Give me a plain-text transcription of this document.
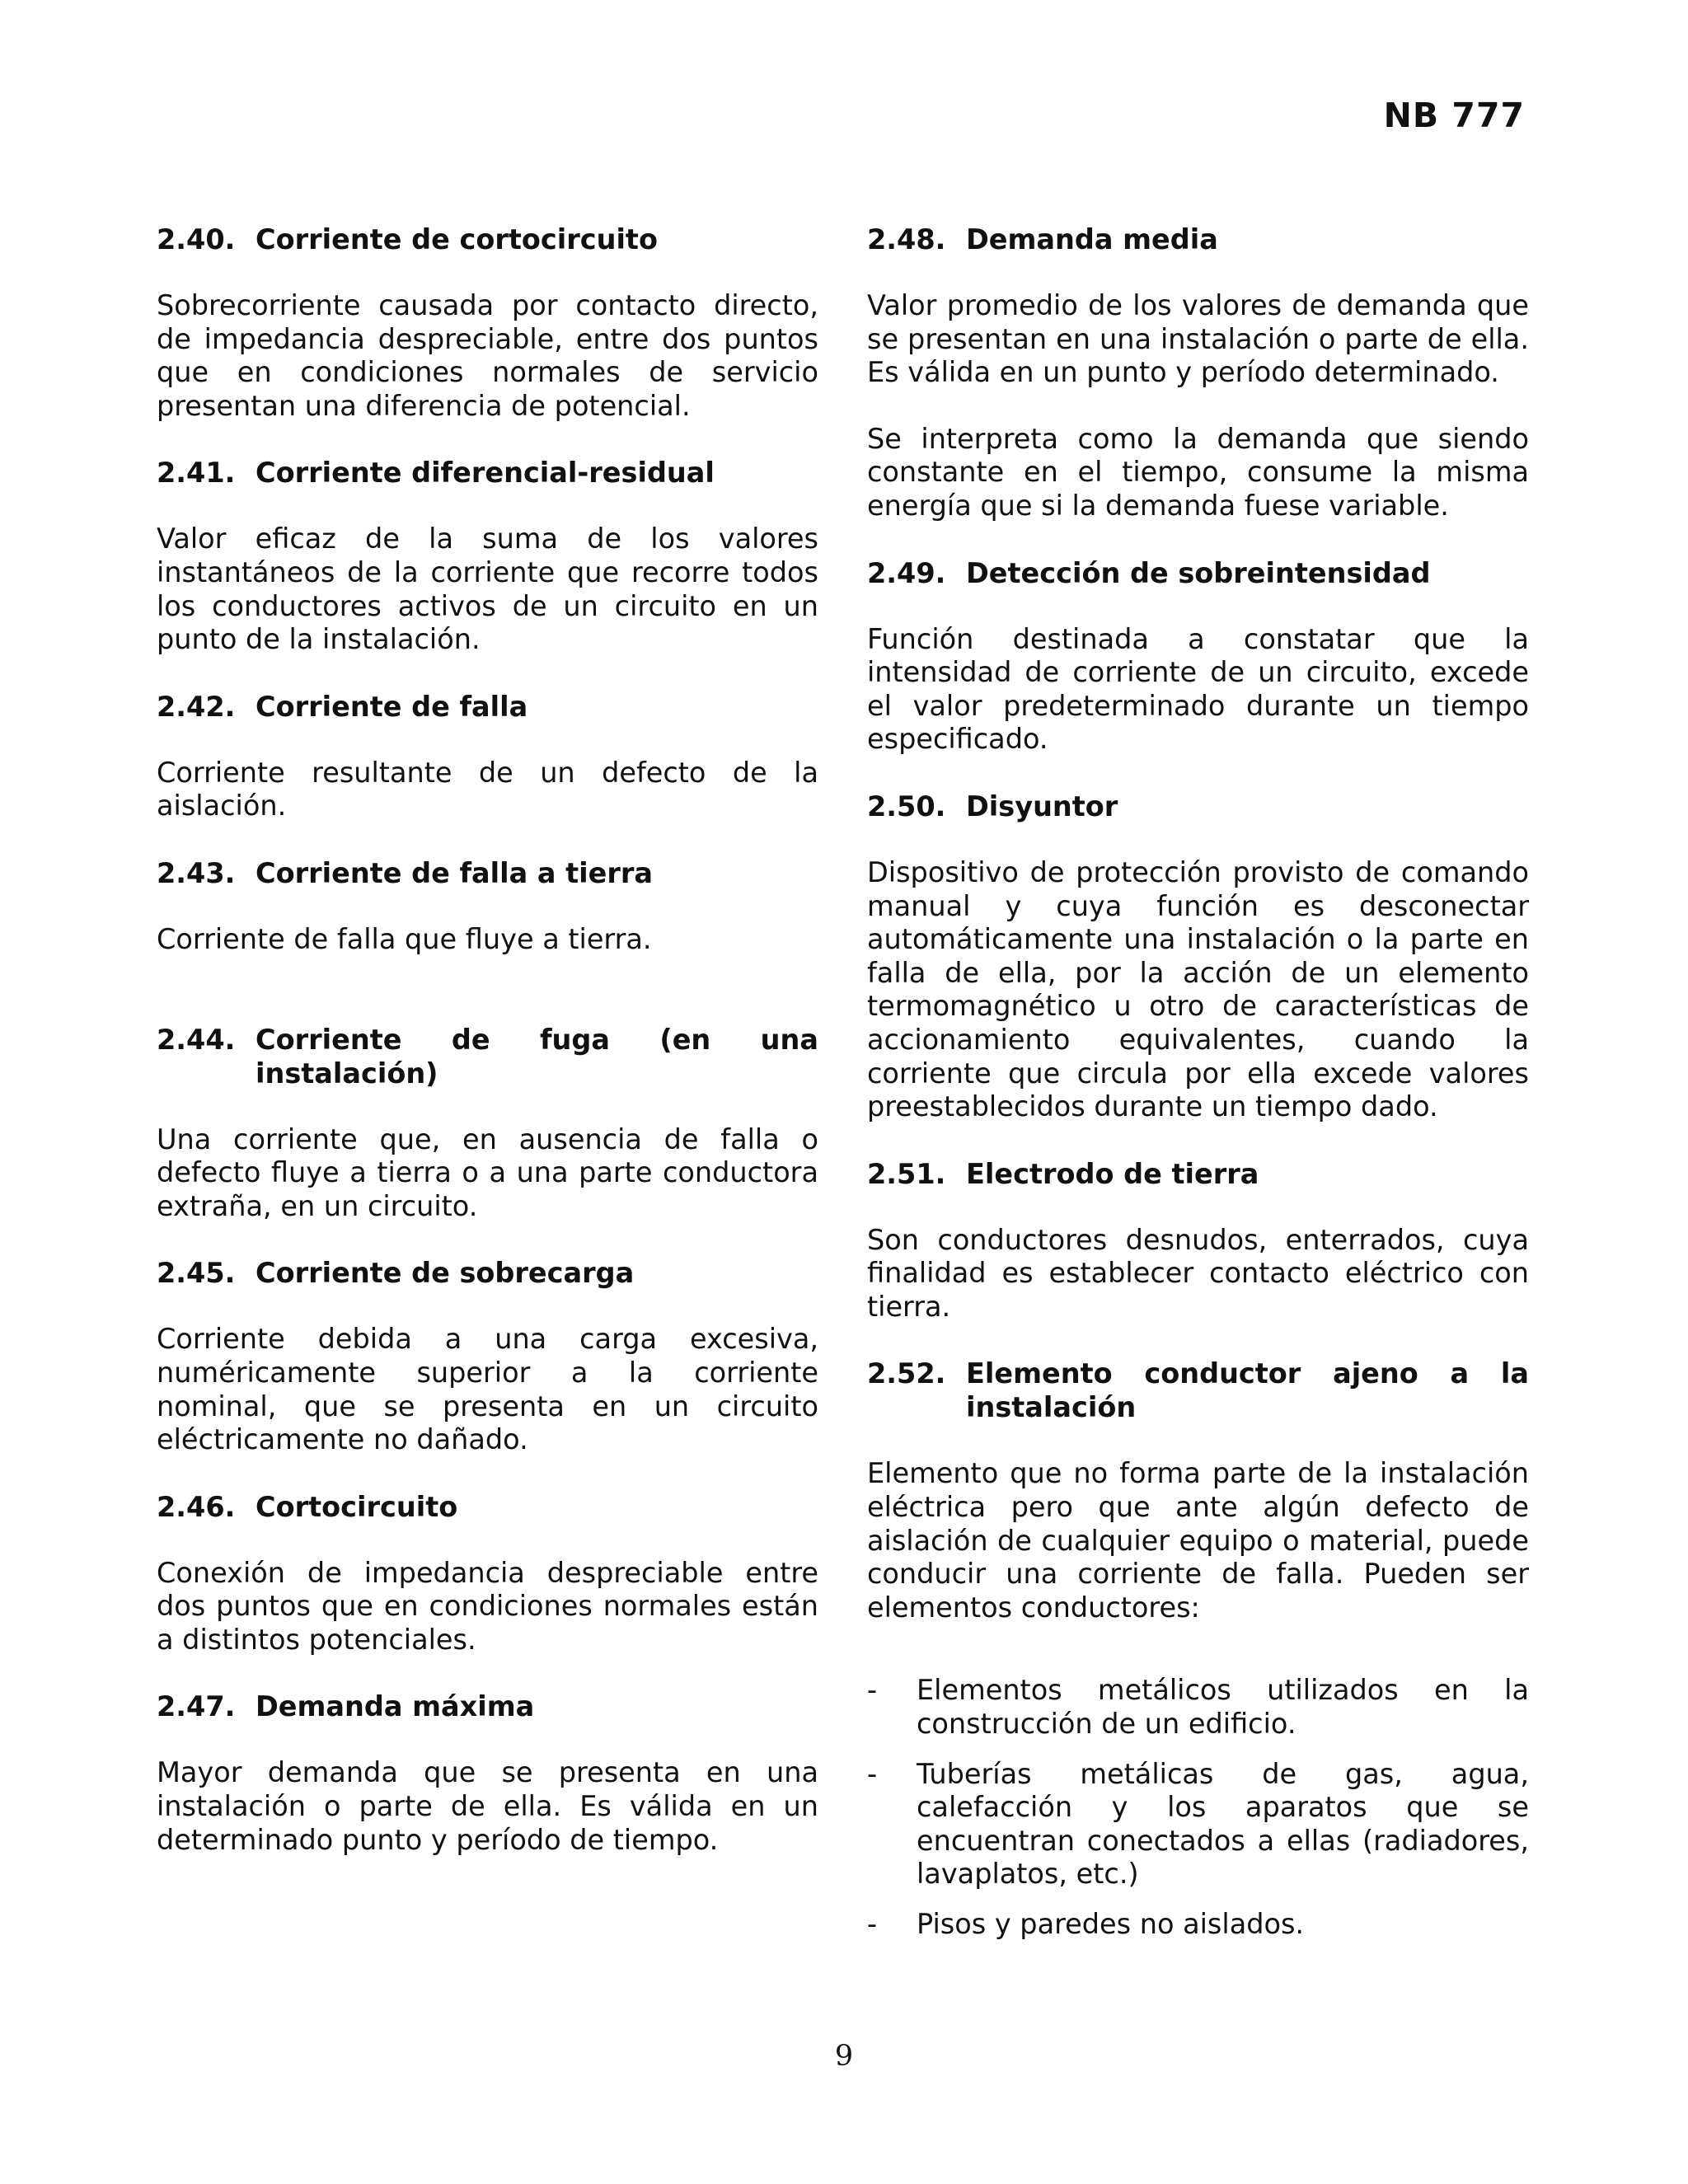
NB 777
2.40. Corriente de cortocircuito

Sobrecorriente causada por contacto directo, de impedancia despreciable, entre dos puntos que en condiciones normales de servicio presentan una diferencia de potencial.

2.41. Corriente diferencial-residual

Valor eficaz de la suma de los valores instantáneos de la corriente que recorre todos los conductores activos de un circuito en un punto de la instalación.

2.42. Corriente de falla

Corriente resultante de un defecto de la aislación.

2.43. Corriente de falla a tierra

Corriente de falla que fluye a tierra.

2.44. Corriente de fuga (en una instalación)

Una corriente que, en ausencia de falla o defecto fluye a tierra o a una parte conductora extraña, en un circuito.

2.45. Corriente de sobrecarga

Corriente debida a una carga excesiva, numéricamente superior a la corriente nominal, que se presenta en un circuito eléctricamente no dañado.

2.46. Cortocircuito

Conexión de impedancia despreciable entre dos puntos que en condiciones normales están a distintos potenciales.

2.47. Demanda máxima

Mayor demanda que se presenta en una instalación o parte de ella. Es válida en un determinado punto y período de tiempo.

2.48. Demanda media

Valor promedio de los valores de demanda que se presentan en una instalación o parte de ella. Es válida en un punto y período determinado.

Se interpreta como la demanda que siendo constante en el tiempo, consume la misma energía que si la demanda fuese variable.

2.49. Detección de sobreintensidad

Función destinada a constatar que la intensidad de corriente de un circuito, excede el valor predeterminado durante un tiempo especificado.

2.50. Disyuntor

Dispositivo de protección provisto de comando manual y cuya función es desconectar automáticamente una instalación o la parte en falla de ella, por la acción de un elemento termomagnético u otro de características de accionamiento equivalentes, cuando la corriente que circula por ella excede valores preestablecidos durante un tiempo dado.

2.51. Electrodo de tierra

Son conductores desnudos, enterrados, cuya finalidad es establecer contacto eléctrico con tierra.

2.52. Elemento conductor ajeno a la instalación

Elemento que no forma parte de la instalación eléctrica pero que ante algún defecto de aislación de cualquier equipo o material, puede conducir una corriente de falla. Pueden ser elementos conductores:

-	Elementos metálicos utilizados en la construcción de un edificio.
-	Tuberías metálicas de gas, agua, calefacción y los aparatos que se encuentran conectados a ellas (radiadores, lavaplatos, etc.)
-	Pisos y paredes no aislados.
9
